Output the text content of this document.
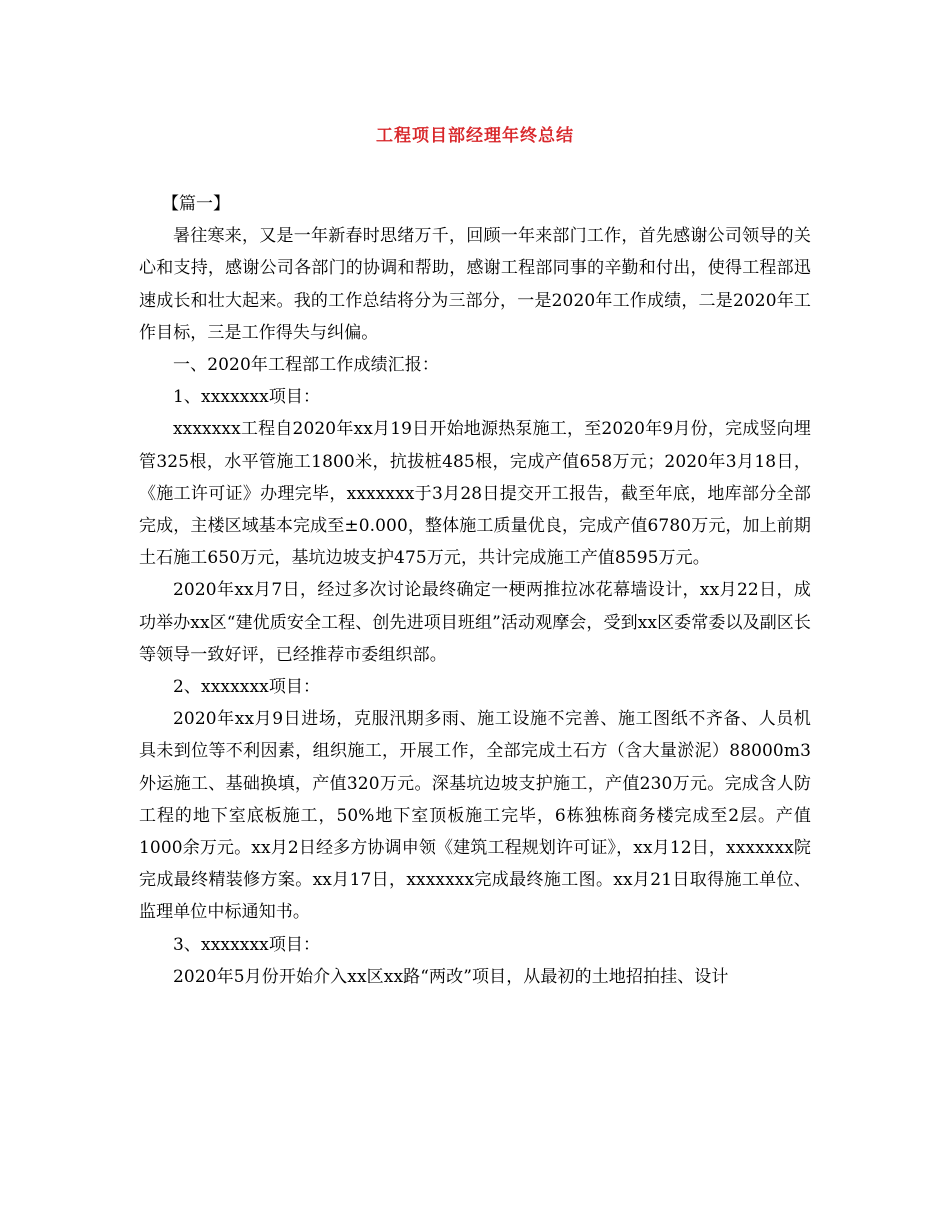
工程项目部经理年终总结

【篇一】

暑往寒来，又是一年新春时思绪万千，回顾一年来部门工作，首先感谢公司领导的关心和支持，感谢公司各部门的协调和帮助，感谢工程部同事的辛勤和付出，使得工程部迅速成长和壮大起来。我的工作总结将分为三部分，一是2020年工作成绩，二是2020年工作目标，三是工作得失与纠偏。

一、2020年工程部工作成绩汇报：

1、xxxxxxx项目：

xxxxxxx工程自2020年xx月19日开始地源热泵施工，至2020年9月份，完成竖向埋管325根，水平管施工1800米，抗拔桩485根，完成产值658万元；2020年3月18日，《施工许可证》办理完毕，xxxxxxx于3月28日提交开工报告，截至年底，地库部分全部完成，主楼区域基本完成至±0.000，整体施工质量优良，完成产值6780万元，加上前期土石施工650万元，基坑边坡支护475万元，共计完成施工产值8595万元。

2020年xx月7日，经过多次讨论最终确定一梗两推拉冰花幕墙设计，xx月22日，成功举办xx区“建优质安全工程、创先进项目班组”活动观摩会，受到xx区委常委以及副区长等领导一致好评，已经推荐市委组织部。

2、xxxxxxx项目：

2020年xx月9日进场，克服汛期多雨、施工设施不完善、施工图纸不齐备、人员机具未到位等不利因素，组织施工，开展工作，全部完成土石方（含大量淤泥）88000m3外运施工、基础换填，产值320万元。深基坑边坡支护施工，产值230万元。完成含人防工程的地下室底板施工，50%地下室顶板施工完毕，6栋独栋商务楼完成至2层。产值1000余万元。xx月2日经多方协调申领《建筑工程规划许可证》，xx月12日，xxxxxxx院完成最终精装修方案。xx月17日，xxxxxxx完成最终施工图。xx月21日取得施工单位、监理单位中标通知书。

3、xxxxxxx项目：

2020年5月份开始介入xx区xx路“两改”项目，从最初的土地招拍挂、设计
